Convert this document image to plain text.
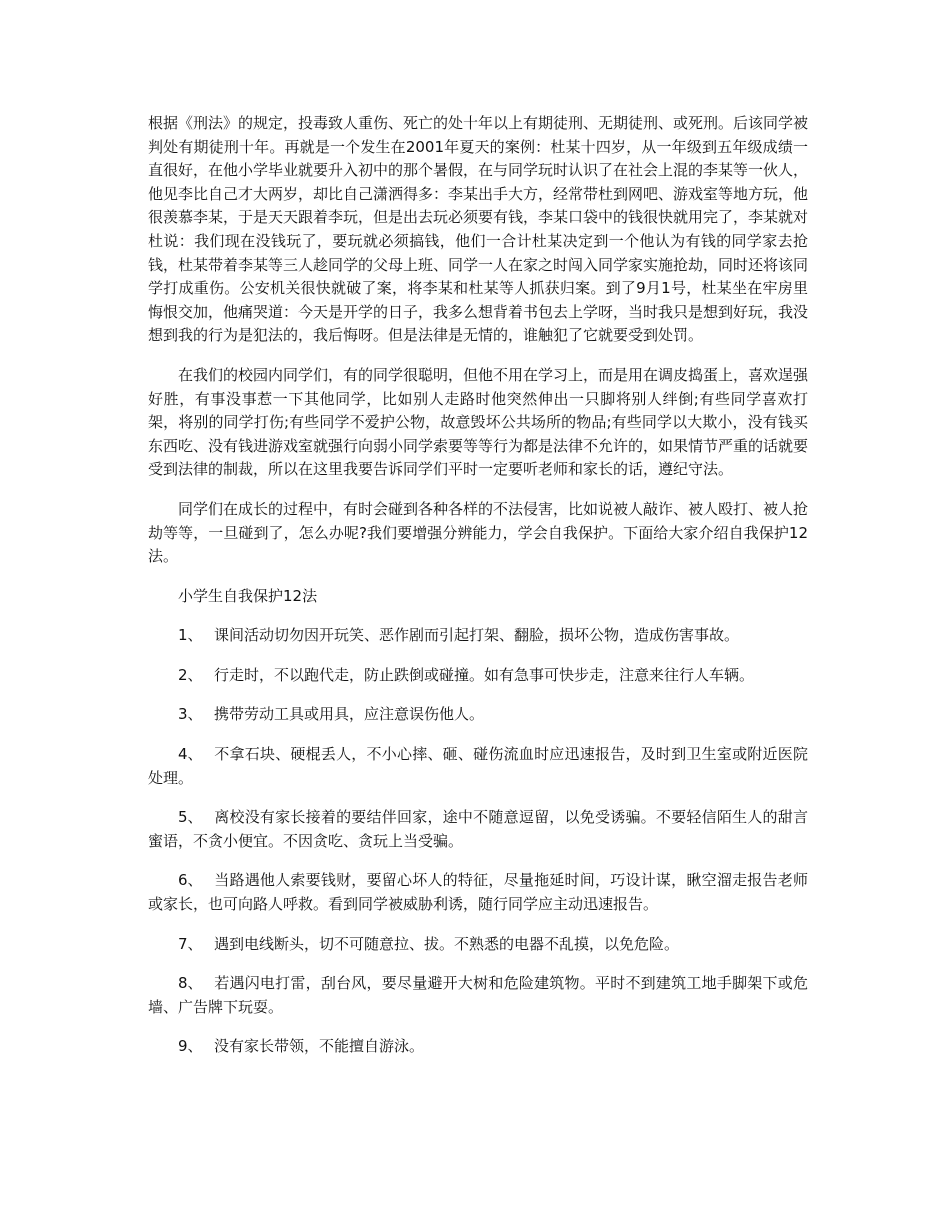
根据《刑法》的规定，投毒致人重伤、死亡的处十年以上有期徒刑、无期徒刑、或死刑。后该同学被判处有期徒刑十年。再就是一个发生在2001年夏天的案例：杜某十四岁，从一年级到五年级成绩一直很好，在他小学毕业就要升入初中的那个暑假，在与同学玩时认识了在社会上混的李某等一伙人，他见李比自己才大两岁，却比自己潇洒得多：李某出手大方，经常带杜到网吧、游戏室等地方玩，他很羡慕李某，于是天天跟着李玩，但是出去玩必须要有钱，李某口袋中的钱很快就用完了，李某就对杜说：我们现在没钱玩了，要玩就必须搞钱，他们一合计杜某决定到一个他认为有钱的同学家去抢钱，杜某带着李某等三人趁同学的父母上班、同学一人在家之时闯入同学家实施抢劫，同时还将该同学打成重伤。公安机关很快就破了案，将李某和杜某等人抓获归案。到了9月1号，杜某坐在牢房里悔恨交加，他痛哭道：今天是开学的日子，我多么想背着书包去上学呀，当时我只是想到好玩，我没想到我的行为是犯法的，我后悔呀。但是法律是无情的，谁触犯了它就要受到处罚。

在我们的校园内同学们，有的同学很聪明，但他不用在学习上，而是用在调皮捣蛋上，喜欢逞强好胜，有事没事惹一下其他同学，比如别人走路时他突然伸出一只脚将别人绊倒;有些同学喜欢打架，将别的同学打伤;有些同学不爱护公物，故意毁坏公共场所的物品;有些同学以大欺小，没有钱买东西吃、没有钱进游戏室就强行向弱小同学索要等等行为都是法律不允许的，如果情节严重的话就要受到法律的制裁，所以在这里我要告诉同学们平时一定要听老师和家长的话，遵纪守法。

同学们在成长的过程中，有时会碰到各种各样的不法侵害，比如说被人敲诈、被人殴打、被人抢劫等等，一旦碰到了，怎么办呢?我们要增强分辨能力，学会自我保护。下面给大家介绍自我保护12法。

小学生自我保护12法

1、 课间活动切勿因开玩笑、恶作剧而引起打架、翻脸，损坏公物，造成伤害事故。

2、 行走时，不以跑代走，防止跌倒或碰撞。如有急事可快步走，注意来往行人车辆。

3、 携带劳动工具或用具，应注意误伤他人。

4、 不拿石块、硬棍丢人，不小心摔、砸、碰伤流血时应迅速报告，及时到卫生室或附近医院处理。

5、 离校没有家长接着的要结伴回家，途中不随意逗留，以免受诱骗。不要轻信陌生人的甜言蜜语，不贪小便宜。不因贪吃、贪玩上当受骗。

6、 当路遇他人索要钱财，要留心坏人的特征，尽量拖延时间，巧设计谋，瞅空溜走报告老师或家长，也可向路人呼救。看到同学被威胁利诱，随行同学应主动迅速报告。

7、 遇到电线断头，切不可随意拉、拔。不熟悉的电器不乱摸，以免危险。

8、 若遇闪电打雷，刮台风，要尽量避开大树和危险建筑物。平时不到建筑工地手脚架下或危墙、广告牌下玩耍。

9、 没有家长带领，不能擅自游泳。
